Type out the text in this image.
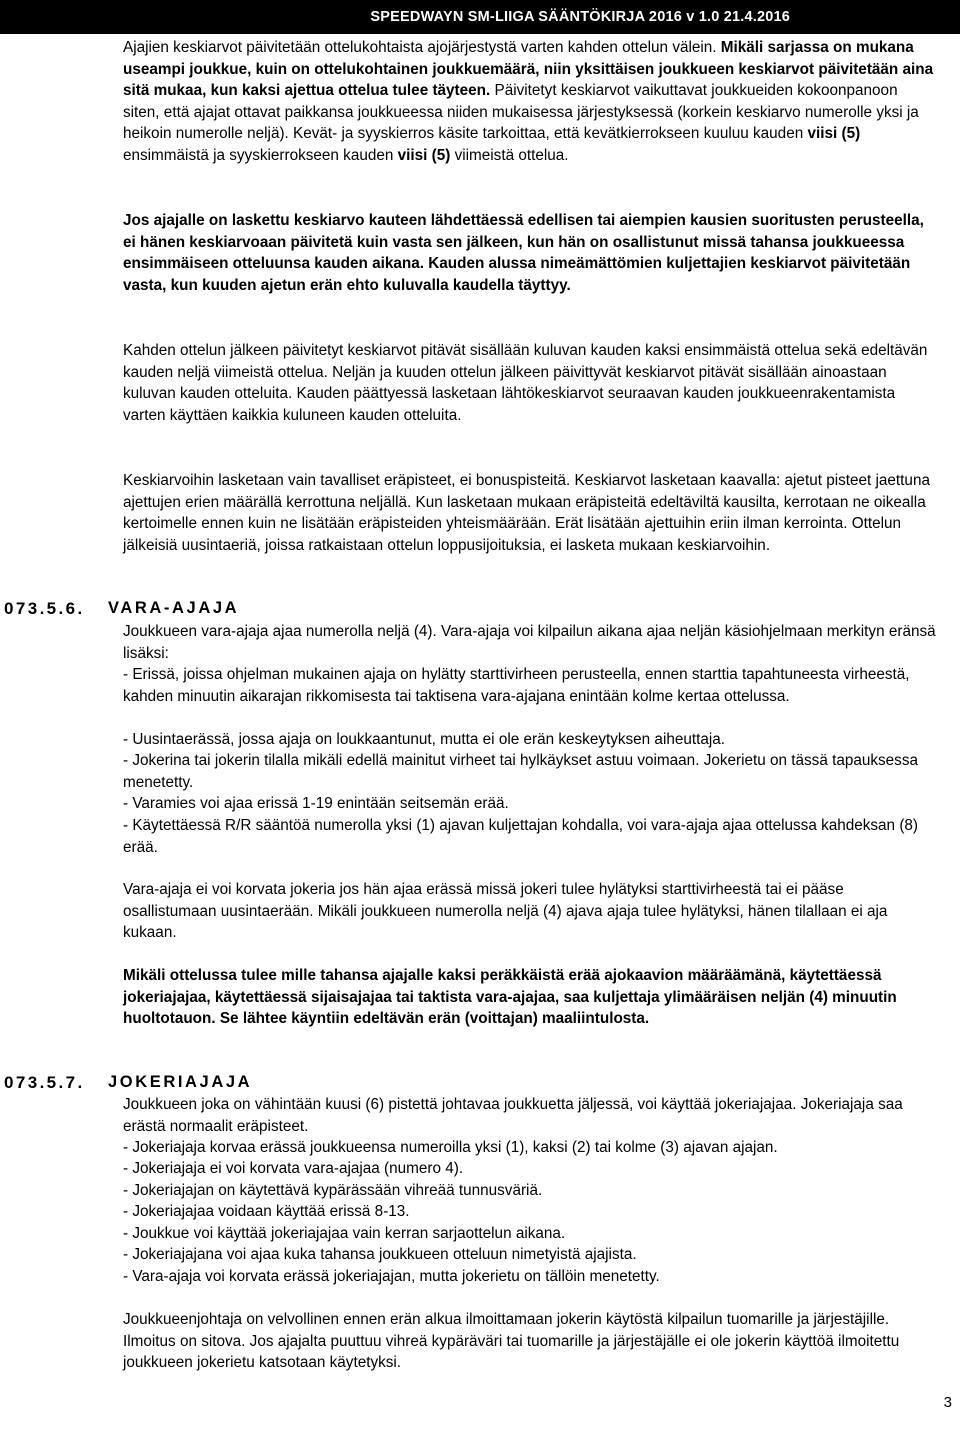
SPEEDWAYN SM-LIIGA SÄÄNTÖKIRJA 2016 v 1.0 21.4.2016

Ajajien keskiarvot päivitetään ottelukohtaista ajojärjestystä varten kahden ottelun välein. Mikäli sarjassa on mukana useampi joukkue, kuin on ottelukohtainen joukkuemäärä, niin yksittäisen joukkueen keskiarvot päivitetään aina sitä mukaa, kun kaksi ajettua ottelua tulee täyteen. Päivitetyt keskiarvot vaikuttavat joukkueiden kokoonpanoon siten, että ajajat ottavat paikkansa joukkueessa niiden mukaisessa järjestyksessä (korkein keskiarvo numerolle yksi ja heikoin numerolle neljä). Kevät- ja syyskierros käsite tarkoittaa, että kevätkierrokseen kuuluu kauden viisi (5) ensimmäistä ja syyskierrokseen kauden viisi (5) viimeistä ottelua.

Jos ajajalle on laskettu keskiarvo kauteen lähdettäessä edellisen tai aiempien kausien suoritusten perusteella, ei hänen keskiarvoaan päivitetä kuin vasta sen jälkeen, kun hän on osallistunut missä tahansa joukkueessa ensimmäiseen otteluunsa kauden aikana. Kauden alussa nimeämättömien kuljettajien keskiarvot päivitetään vasta, kun kuuden ajetun erän ehto kuluvalla kaudella täyttyy.

Kahden ottelun jälkeen päivitetyt keskiarvot pitävät sisällään kuluvan kauden kaksi ensimmäistä ottelua sekä edeltävän kauden neljä viimeistä ottelua. Neljän ja kuuden ottelun jälkeen päivittyvät keskiarvot pitävät sisällään ainoastaan kuluvan kauden otteluita. Kauden päättyessä lasketaan lähtökeskiarvot seuraavan kauden joukkueenrakentamista varten käyttäen kaikkia kuluneen kauden otteluita.

Keskiarvoihin lasketaan vain tavalliset eräpisteet, ei bonuspisteitä. Keskiarvot lasketaan kaavalla: ajetut pisteet jaettuna ajettujen erien määrällä kerrottuna neljällä. Kun lasketaan mukaan eräpisteitä edeltäviltä kausilta, kerrotaan ne oikealla kertoimelle ennen kuin ne lisätään eräpisteiden yhteismäärään. Erät lisätään ajettuihin eriin ilman kerrointa. Ottelun jälkeisiä uusintaeriä, joissa ratkaistaan ottelun loppusijoituksia, ei lasketa mukaan keskiarvoihin.

073.5.6. VARA-AJAJA

Joukkueen vara-ajaja ajaa numerolla neljä (4). Vara-ajaja voi kilpailun aikana ajaa neljän käsiohjelmaan merkityn eränsä lisäksi:

- Erissä, joissa ohjelman mukainen ajaja on hylätty starttivirheen perusteella, ennen starttia tapahtuneesta virheestä, kahden minuutin aikarajan rikkomisesta tai taktisena vara-ajajana enintään kolme kertaa ottelussa.

- Uusintaerässä, jossa ajaja on loukkaantunut, mutta ei ole erän keskeytyksen aiheuttaja.

- Jokerina tai jokerin tilalla mikäli edellä mainitut virheet tai hylkäykset astuu voimaan. Jokerietu on tässä tapauksessa menetetty.

- Varamies voi ajaa erissä 1-19 enintään seitsemän erää.

- Käytettäessä R/R sääntöä numerolla yksi (1) ajavan kuljettajan kohdalla, voi vara-ajaja ajaa ottelussa kahdeksan (8) erää.

Vara-ajaja ei voi korvata jokeria jos hän ajaa erässä missä jokeri tulee hylätyksi starttivirheestä tai ei pääse osallistumaan uusintaerään. Mikäli joukkueen numerolla neljä (4) ajava ajaja tulee hylätyksi, hänen tilallaan ei aja kukaan.

Mikäli ottelussa tulee mille tahansa ajajalle kaksi peräkkäistä erää ajokaavion määräämänä, käytettäessä jokeriajajaa, käytettäessä sijaisajajaa tai taktista vara-ajajaa, saa kuljettaja ylimääräisen neljän (4) minuutin huoltotauon. Se lähtee käyntiin edeltävän erän (voittajan) maaliintulosta.

073.5.7. JOKERIAJAJA

Joukkueen joka on vähintään kuusi (6) pistettä johtavaa joukkuetta jäljessä, voi käyttää jokeriajajaa. Jokeriajaja saa erästä normaalit eräpisteet.

- Jokeriajaja korvaa erässä joukkueensa numeroilla yksi (1), kaksi (2) tai kolme (3) ajavan ajajan.

- Jokeriajaja ei voi korvata vara-ajajaa (numero 4).

- Jokeriajajan on käytettävä kypärässään vihreää tunnusväriä.

- Jokeriajajaa voidaan käyttää erissä 8-13.

- Joukkue voi käyttää jokeriajajaa vain kerran sarjaottelun aikana.

- Jokeriajajana voi ajaa kuka tahansa joukkueen otteluun nimetyistä ajajista.

- Vara-ajaja voi korvata erässä jokeriajajan, mutta jokerietu on tällöin menetetty.

Joukkueenjohtaja on velvollinen ennen erän alkua ilmoittamaan jokerin käytöstä kilpailun tuomarille ja järjestäjille. Ilmoitus on sitova. Jos ajajalta puuttuu vihreä kypäräväri tai tuomarille ja järjestäjälle ei ole jokerin käyttöä ilmoitettu joukkueen jokerietu katsotaan käytetyksi.

3
